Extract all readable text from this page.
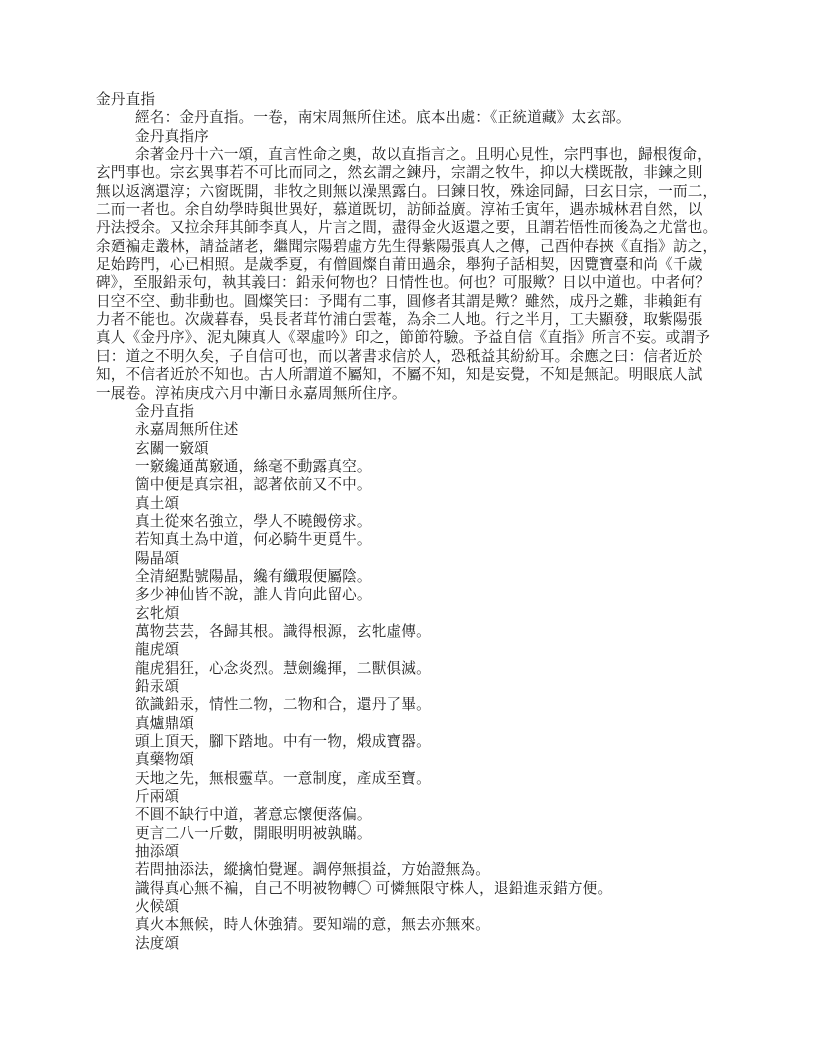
金丹直指
經名：金丹直指。一卷，南宋周無所住述。底本出處：《正統道藏》太玄部。
金丹真指序
余著金丹十六一頌，直言性命之奧，故以直指言之。且明心見性，宗門事也，歸根復命，
玄門事也。宗玄異事若不可比而同之，然玄謂之鍊丹，宗謂之牧牛，抑以大樸既散，非鍊之則
無以返漓還淳；六窗既開，非牧之則無以澡黑露白。曰鍊日牧，殊途同歸，曰玄日宗，一而二，
二而一者也。余自幼學時與世異好，慕道既切，訪師益廣。淳祐壬寅年，遇赤城林君自然，以
丹法授余。又拉余拜其師李真人，片言之間，盡得金火返還之要，且謂若悟性而後為之尤當也。
余廼褊走叢林，請益諸老，繼聞宗陽碧虛方先生得紫陽張真人之傳，己酉仲春挾《直指》訪之，
足始跨門，心已相照。是歲季夏，有僧圓燦自莆田過余，舉狗子話相契，因覽寶臺和尚《千歲
碑》，至服鉛汞句，執其義曰：鉛汞何物也？日情性也。何也？可服歟？日以中道也。中者何？
日空不空、動非動也。圓燦笑曰：予聞有二事，圓修者其謂是歟？雖然，成丹之難，非賴鉅有
力者不能也。次歲暮春，吳長者茸竹浦白雲菴，為余二人地。行之半月，工夫顯發，取紫陽張
真人《金丹序》、泥丸陳真人《翠虛吟》印之，節節符驗。予益自信《直指》所言不妄。或謂予
曰：道之不明久矣，子自信可也，而以著書求信於人，恐秪益其紛紛耳。余應之曰：信者近於
知，不信者近於不知也。古人所謂道不屬知，不屬不知，知是妄覺，不知是無記。明眼底人試
一展卷。淳祐庚戌六月中漸日永嘉周無所住序。
金丹直指
永嘉周無所住述
玄關一竅頌
一竅纔通萬竅通，絲毫不動露真空。
箇中便是真宗祖，認著依前又不中。
真土頌
真土從來名強立，學人不曉饅傍求。
若知真土為中道，何必騎牛更覓牛。
陽晶頌
全清絕點號陽晶，纔有纖瑕便屬陰。
多少神仙皆不說，誰人肯向此留心。
玄牝煩
萬物芸芸，各歸其根。識得根源，玄牝虛傳。
龍虎頌
龍虎猖狂，心念炎烈。慧劍纔揮，二獸俱滅。
鉛汞頌
欲識鉛汞，情性二物，二物和合，還丹了畢。
真爐鼎頌
頭上頂天，腳下踏地。中有一物，煅成寶器。
真藥物頌
天地之先，無根靈草。一意制度，產成至寶。
斤兩頌
不圓不缺行中道，著意忘懷便落偏。
更言二八一斤數，開眼明明被孰瞞。
抽添頌
若問抽添法，縱擒怕覺遲。調停無損益，方始證無為。
識得真心無不褊，自己不明被物轉〇 可憐無限守株人，退鉛進汞錯方便。
火候頌
真火本無候，時人休強猜。要知端的意，無去亦無來。
法度頌
